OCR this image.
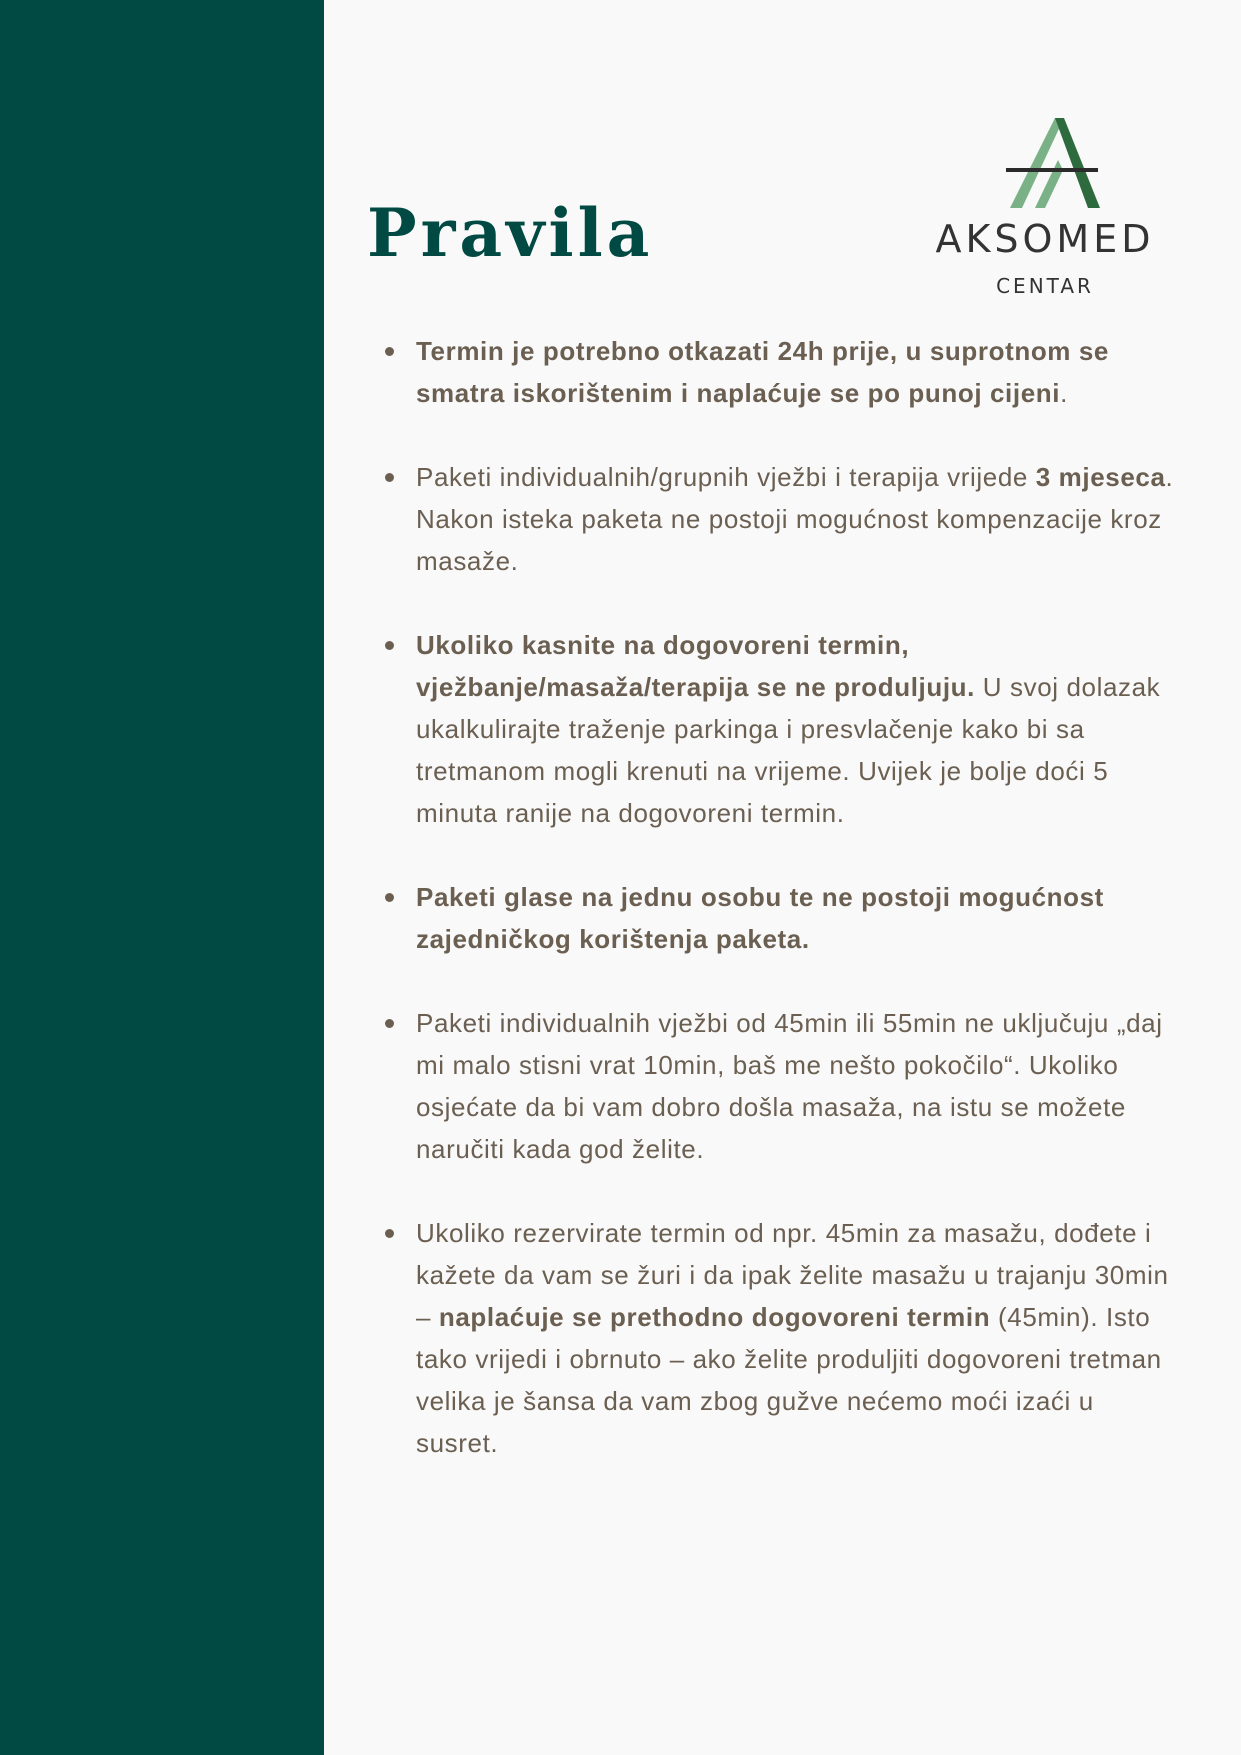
Pravila	AKSOMED
CENTAR
Termin je potrebno otkazati 24h prije, u suprotnom se smatra iskorištenim i naplaćuje se po punoj cijeni.
Paketi individualnih/grupnih vježbi i terapija vrijede 3 mjeseca. Nakon isteka paketa ne postoji mogućnost kompenzacije kroz masaže.
Ukoliko kasnite na dogovoreni termin, vježbanje/masaža/terapija se ne produljuju. U svoj dolazak ukalkulirajte traženje parkinga i presvlačenje kako bi sa tretmanom mogli krenuti na vrijeme. Uvijek je bolje doći 5 minuta ranije na dogovoreni termin.
Paketi glase na jednu osobu te ne postoji mogućnost zajedničkog korištenja paketa.
Paketi individualnih vježbi od 45min ili 55min ne uključuju „daj mi malo stisni vrat 10min, baš me nešto pokočilo“. Ukoliko osjećate da bi vam dobro došla masaža, na istu se možete naručiti kada god želite.
Ukoliko rezervirate termin od npr. 45min za masažu, dođete i kažete da vam se žuri i da ipak želite masažu u trajanju 30min – naplaćuje se prethodno dogovoreni termin (45min). Isto tako vrijedi i obrnuto – ako želite produljiti dogovoreni tretman velika je šansa da vam zbog gužve nećemo moći izaći u susret.
